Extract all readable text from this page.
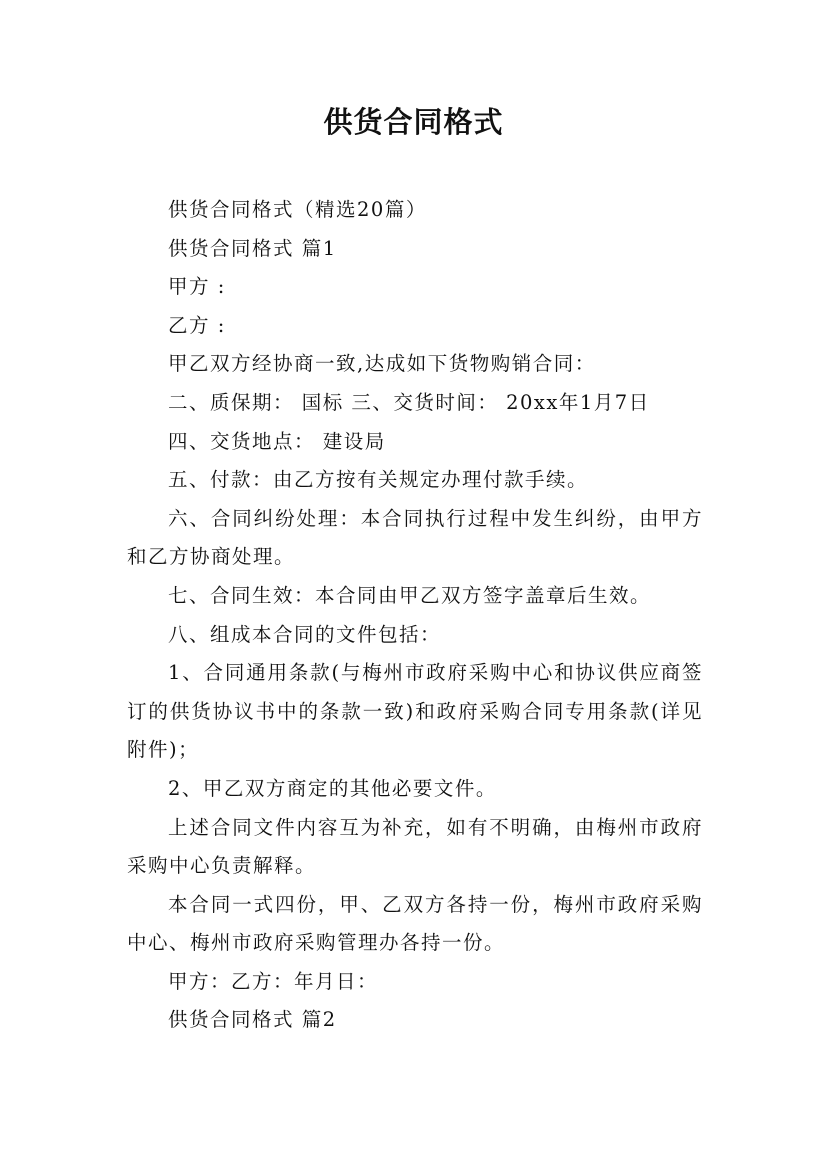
供货合同格式

供货合同格式（精选20篇）

供货合同格式 篇1

甲方 :

乙方 :

甲乙双方经协商一致,达成如下货物购销合同：

二、质保期： 国标 三、交货时间： 20xx年1月7日

四、交货地点： 建设局

五、付款：由乙方按有关规定办理付款手续。

六、合同纠纷处理：本合同执行过程中发生纠纷，由甲方和乙方协商处理。

七、合同生效：本合同由甲乙双方签字盖章后生效。

八、组成本合同的文件包括：

1、合同通用条款(与梅州市政府采购中心和协议供应商签订的供货协议书中的条款一致)和政府采购合同专用条款(详见附件)；

2、甲乙双方商定的其他必要文件。

上述合同文件内容互为补充，如有不明确，由梅州市政府采购中心负责解释。

本合同一式四份，甲、乙双方各持一份，梅州市政府采购中心、梅州市政府采购管理办各持一份。

甲方：乙方：年月日：

供货合同格式 篇2
